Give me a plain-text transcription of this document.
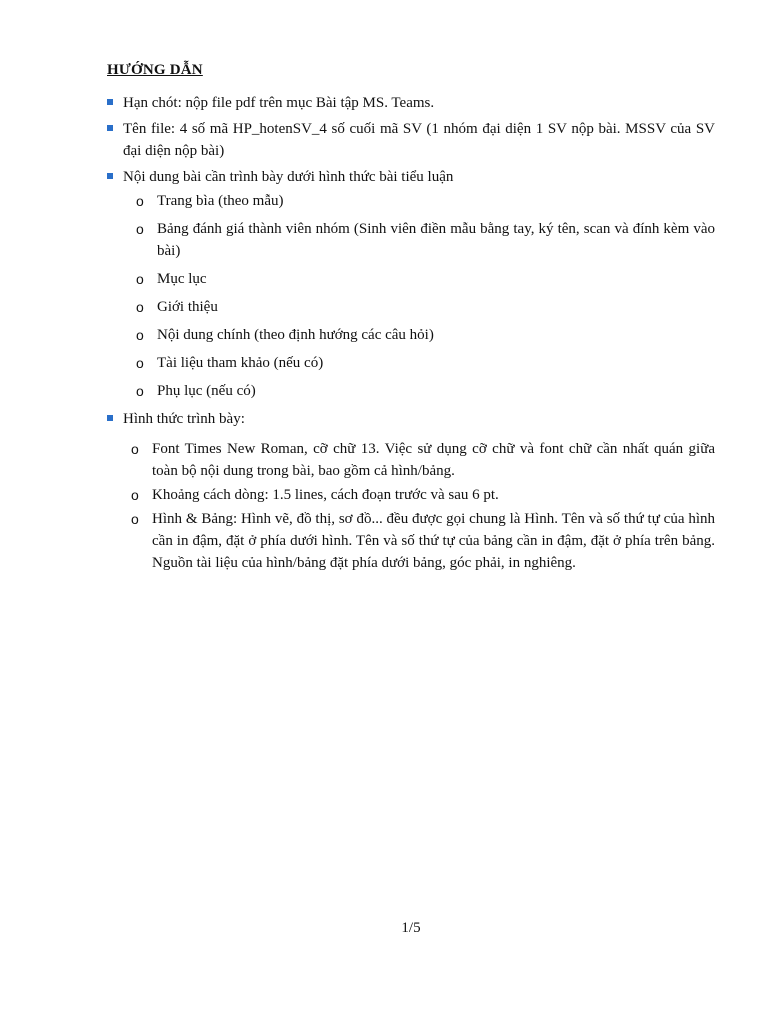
HƯỚNG DẪN
Hạn chót: nộp file pdf trên mục Bài tập MS. Teams.
Tên file: 4 số mã HP_hotenSV_4 số cuối mã SV (1 nhóm đại diện 1 SV nộp bài. MSSV của SV đại diện nộp bài)
Nội dung bài cần trình bày dưới hình thức bài tiểu luận
o Trang bìa (theo mẫu)
o Bảng đánh giá thành viên nhóm (Sinh viên điền mẫu bằng tay, ký tên, scan và đính kèm vào bài)
o Mục lục
o Giới thiệu
o Nội dung chính (theo định hướng các câu hỏi)
o Tài liệu tham khảo (nếu có)
o Phụ lục (nếu có)
Hình thức trình bày:
o Font Times New Roman, cỡ chữ 13. Việc sử dụng cỡ chữ và font chữ cần nhất quán giữa toàn bộ nội dung trong bài, bao gồm cả hình/bảng.
o Khoảng cách dòng: 1.5 lines, cách đoạn trước và sau 6 pt.
o Hình & Bảng: Hình vẽ, đồ thị, sơ đồ... đều được gọi chung là Hình. Tên và số thứ tự của hình cần in đậm, đặt ở phía dưới hình. Tên và số thứ tự của bảng cần in đậm, đặt ở phía trên bảng. Nguồn tài liệu của hình/bảng đặt phía dưới bảng, góc phải, in nghiêng.
1/5
